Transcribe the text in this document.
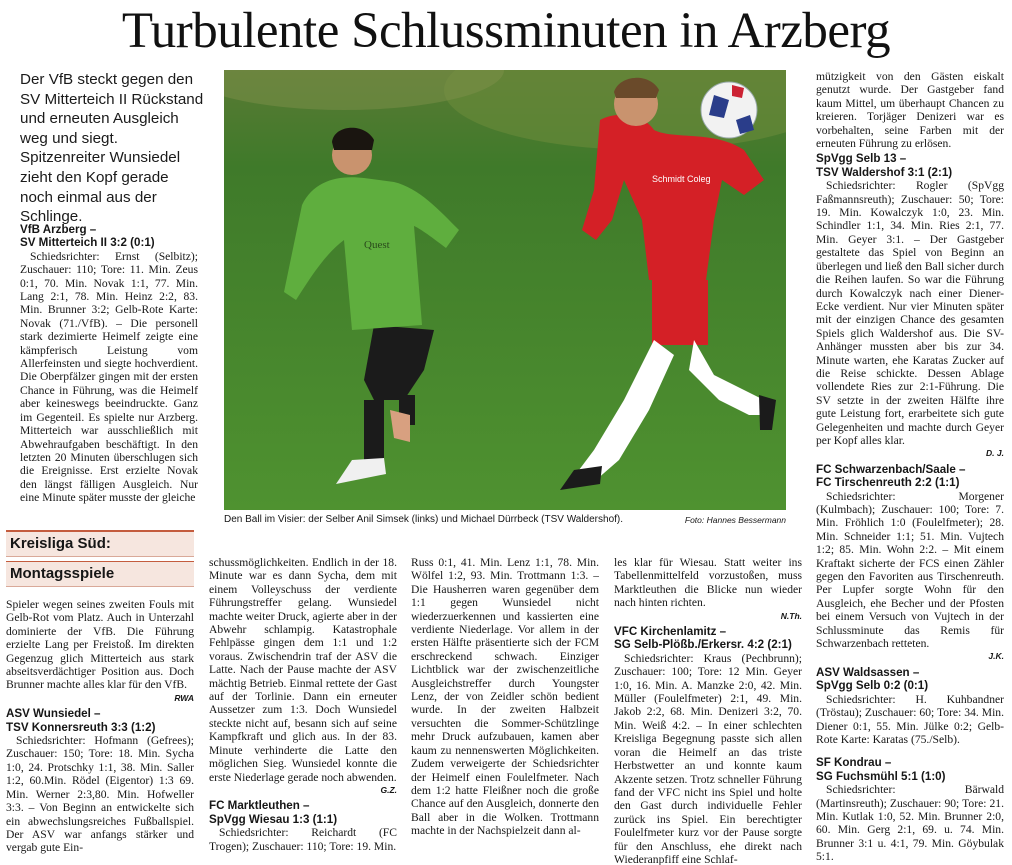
Turbulente Schlussminuten in Arzberg
Der VfB steckt gegen den SV Mitterteich II Rückstand und erneuten Ausgleich weg und siegt. Spitzenreiter Wunsiedel zieht den Kopf gerade noch einmal aus der Schlinge.
VfB Arzberg –
SV Mitterteich II 3:2 (0:1)

Schiedsrichter: Ernst (Selbitz); Zuschauer: 110; Tore: 11. Min. Zeus 0:1, 70. Min. Novak 1:1, 77. Min. Lang 2:1, 78. Min. Heinz 2:2, 83. Min. Brunner 3:2; Gelb-Rote Karte: Novak (71./VfB). – Die personell stark dezimierte Heimelf zeigte eine kämpferisch Leistung vom Allerfeinsten und siegte hochverdient. Die Oberpfälzer gingen mit der ersten Chance in Führung, was die Heimelf aber keineswegs beeindruckte. Ganz im Gegenteil. Es spielte nur Arzberg. Mitterteich war ausschließlich mit Abwehraufgaben beschäftigt. In den letzten 20 Minuten überschlugen sich die Ereignisse. Erst erzielte Novak den längst fälligen Ausgleich. Nur eine Minute später musste der gleiche

Quest
Schmidt Coleg
Den Ball im Visier: der Selber Anil Simsek (links) und Michael Dürrbeck (TSV Waldershof).	Foto: Hannes Bessermann
Kreisliga Süd:
Montagsspiele

Spieler wegen seines zweiten Fouls mit Gelb-Rot vom Platz. Auch in Unterzahl dominierte der VfB. Die Führung erzielte Lang per Freistoß. Im direkten Gegenzug glich Mitterteich aus stark abseitsverdächtiger Position aus. Doch Brunner machte alles klar für den VfB.

RWA
ASV Wunsiedel –
TSV Konnersreuth 3:3 (1:2)

Schiedsrichter: Hofmann (Gefrees); Zuschauer: 150; Tore: 18. Min. Sycha 1:0, 24. Protschky 1:1, 38. Min. Saller 1:2, 60.Min. Rödel (Eigentor) 1:3 69. Min. Werner 2:3,80. Min. Hofweller 3:3. – Von Beginn an entwickelte sich ein abwechslungsreiches Fußballspiel. Der ASV war anfangs stärker und vergab gute Ein-

schussmöglichkeiten. Endlich in der 18. Minute war es dann Sycha, dem mit einem Volleyschuss der verdiente Führungstreffer gelang. Wunsiedel machte weiter Druck, agierte aber in der Abwehr schlampig. Katastrophale Fehlpässe gingen dem 1:1 und 1:2 voraus. Zwischendrin traf der ASV die Latte. Nach der Pause machte der ASV mächtig Betrieb. Einmal rettete der Gast auf der Torlinie. Dann ein erneuter Aussetzer zum 1:3. Doch Wunsiedel steckte nicht auf, besann sich auf seine Kampfkraft und glich aus. In der 83. Minute verhinderte die Latte den möglichen Sieg. Wunsiedel konnte die erste Niederlage gerade noch abwenden.

G.Z.
FC Marktleuthen –
SpVgg Wiesau 1:3 (1:1)

Schiedsrichter: Reichardt (FC Trogen); Zuschauer: 110; Tore: 19. Min.

Russ 0:1, 41. Min. Lenz 1:1, 78. Min. Wölfel 1:2, 93. Min. Trottmann 1:3. – Die Hausherren waren gegenüber dem 1:1 gegen Wunsiedel nicht wiederzuerkennen und kassierten eine verdiente Niederlage. Vor allem in der ersten Hälfte präsentierte sich der FCM erschreckend schwach. Einziger Lichtblick war der zwischenzeitliche Ausgleichstreffer durch Youngster Lenz, der von Zeidler schön bedient wurde. In der zweiten Halbzeit versuchten die Sommer-Schützlinge mehr Druck aufzubauen, kamen aber kaum zu nennenswerten Möglichkeiten. Zudem verweigerte der Schiedsrichter der Heimelf einen Foulelfmeter. Nach dem 1:2 hatte Fleißner noch die große Chance auf den Ausgleich, donnerte den Ball aber in die Wolken. Trottmann machte in der Nachspielzeit dann al-

les klar für Wiesau. Statt weiter ins Tabellenmittelfeld vorzustoßen, muss Marktleuthen die Blicke nun wieder nach hinten richten.

N.Th.
VFC Kirchenlamitz –
SG Selb-Plößb./Erkersr. 4:2 (2:1)

Schiedsrichter: Kraus (Pechbrunn); Zuschauer: 100; Tore: 12 Min. Geyer 1:0, 16. Min. A. Manzke 2:0, 42. Min. Müller (Foulelfmeter) 2:1, 49. Min. Jakob 2:2, 68. Min. Denizeri 3:2, 70. Min. Weiß 4:2. – In einer schlechten Kreisliga Begegnung passte sich allen voran die Heimelf an das triste Herbstwetter an und konnte kaum Akzente setzen. Trotz schneller Führung fand der VFC nicht ins Spiel und holte den Gast durch individuelle Fehler zurück ins Spiel. Ein berechtigter Foulelfmeter kurz vor der Pause sorgte für den Anschluss, ehe direkt nach Wiederanpfiff eine Schlaf-

mützigkeit von den Gästen eiskalt genutzt wurde. Der Gastgeber fand kaum Mittel, um überhaupt Chancen zu kreieren. Torjäger Denizeri war es vorbehalten, seine Farben mit der erneuten Führung zu erlösen.

SpVgg Selb 13 –
TSV Waldershof 3:1 (2:1)

Schiedsrichter: Rogler (SpVgg Faßmannsreuth); Zuschauer: 50; Tore: 19. Min. Kowalczyk 1:0, 23. Min. Schindler 1:1, 34. Min. Ries 2:1, 77. Min. Geyer 3:1. – Der Gastgeber gestaltete das Spiel von Beginn an überlegen und ließ den Ball sicher durch die Reihen laufen. So war die Führung durch Kowalczyk nach einer Diener-Ecke verdient. Nur vier Minuten später mit der einzigen Chance des gesamten Spiels glich Waldershof aus. Die SV-Anhänger mussten aber bis zur 34. Minute warten, ehe Karatas Zucker auf die Reise schickte. Dessen Ablage vollendete Ries zur 2:1-Führung. Die SV setzte in der zweiten Hälfte ihre gute Leistung fort, erarbeitete sich gute Gelegenheiten und machte durch Geyer per Kopf alles klar.

D. J.
FC Schwarzenbach/Saale –
FC Tirschenreuth 2:2 (1:1)

Schiedsrichter: Morgener (Kulmbach); Zuschauer: 100; Tore: 7. Min. Fröhlich 1:0 (Foulelfmeter); 28. Min. Schneider 1:1; 51. Min. Vujtech 1:2; 85. Min. Wohn 2:2. – Mit einem Kraftakt sicherte der FCS einen Zähler gegen den Favoriten aus Tirschenreuth. Per Lupfer sorgte Wohn für den Ausgleich, ehe Becher und der Pfosten bei einem Versuch von Vujtech in der Schlussminute das Remis für Schwarzenbach retteten.

J.K.
ASV Waldsassen –
SpVgg Selb 0:2 (0:1)

Schiedsrichter: H. Kuhbandner (Tröstau); Zuschauer: 60; Tore: 34. Min. Diener 0:1, 55. Min. Jülke 0:2; Gelb-Rote Karte: Karatas (75./Selb).

SF Kondrau –
SG Fuchsmühl 5:1 (1:0)

Schiedsrichter: Bärwald (Martinsreuth); Zuschauer: 90; Tore: 21. Min. Kutlak 1:0, 52. Min. Brunner 2:0, 60. Min. Gerg 2:1, 69. u. 74. Min. Brunner 3:1 u. 4:1, 79. Min. Göybulak 5:1.
